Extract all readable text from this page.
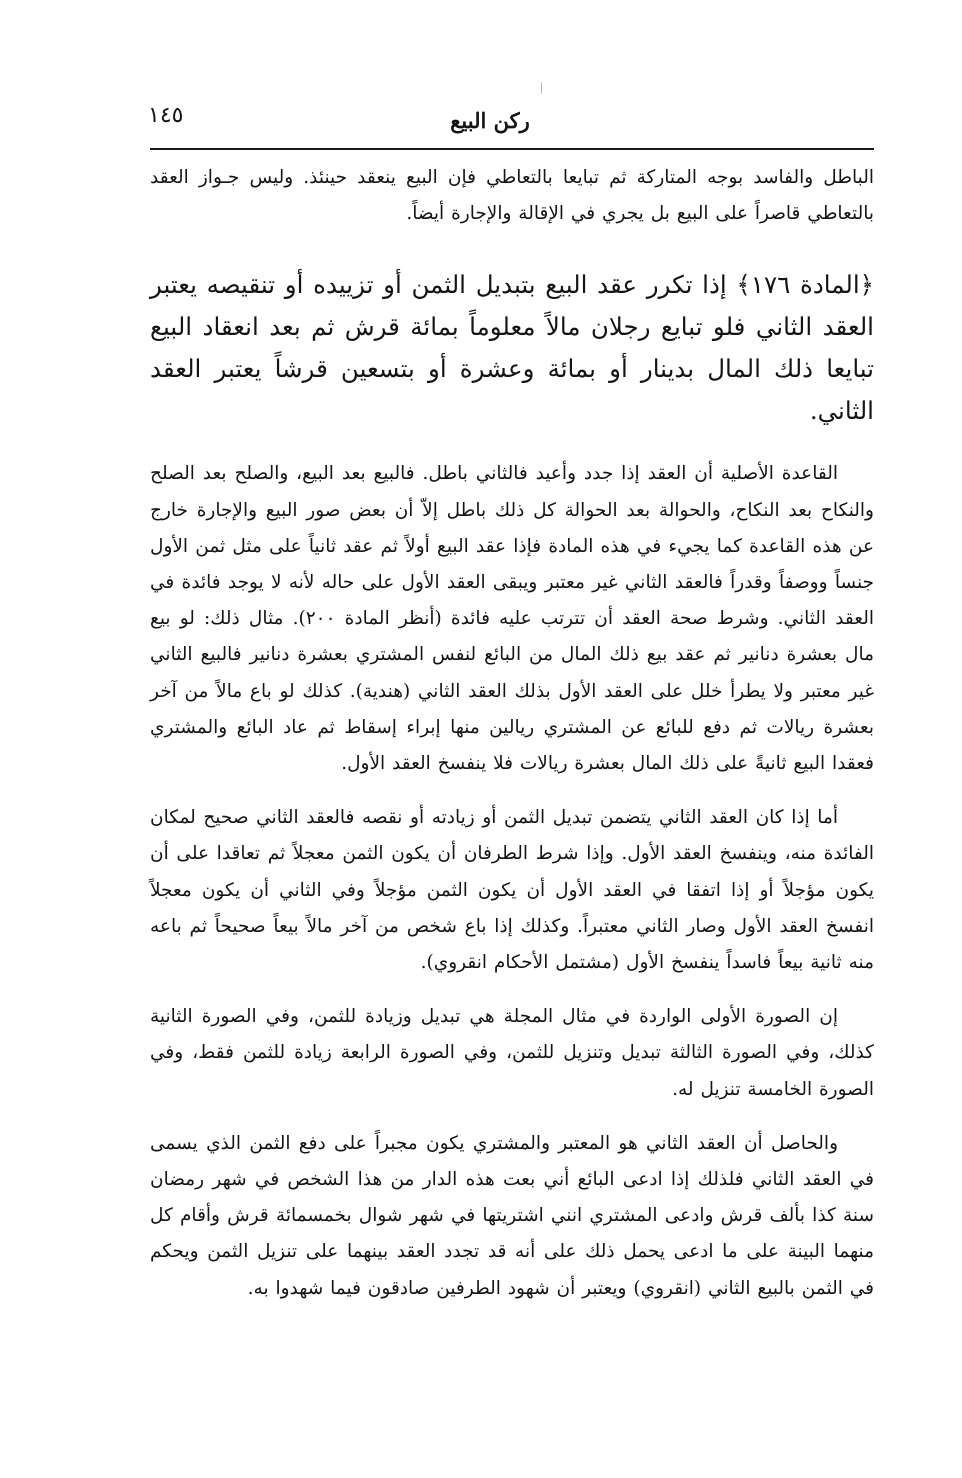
١٤٥	ركن البيع

الباطل والفاسد بوجه المتاركة ثم تبايعا بالتعاطي فإن البيع ينعقد حينئذ. وليس جـواز العقد بالتعاطي قاصراً على البيع بل يجري في الإقالة والإجارة أيضاً.

﴿المادة ١٧٦﴾ إذا تكرر عقد البيع بتبديل الثمن أو تزييده أو تنقيصه يعتبر العقد الثاني فلو تبايع رجلان مالاً معلوماً بمائة قرش ثم بعد انعقاد البيع تبايعا ذلك المال بدينار أو بمائة وعشرة أو بتسعين قرشاً يعتبر العقد الثاني.

القاعدة الأصلية أن العقد إذا جدد وأعيد فالثاني باطل. فالبيع بعد البيع، والصلح بعد الصلح والنكاح بعد النكاح، والحوالة بعد الحوالة كل ذلك باطل إلاّ أن بعض صور البيع والإجارة خارج عن هذه القاعدة كما يجيء في هذه المادة فإذا عقد البيع أولاً ثم عقد ثانياً على مثل ثمن الأول جنساً ووصفاً وقدراً فالعقد الثاني غير معتبر ويبقى العقد الأول على حاله لأنه لا يوجد فائدة في العقد الثاني. وشرط صحة العقد أن تترتب عليه فائدة (أنظر المادة ٢٠٠). مثال ذلك: لو بيع مال بعشرة دنانير ثم عقد بيع ذلك المال من البائع لنفس المشتري بعشرة دنانير فالبيع الثاني غير معتبر ولا يطرأ خلل على العقد الأول بذلك العقد الثاني (هندية). كذلك لو باع مالاً من آخر بعشرة ريالات ثم دفع للبائع عن المشتري ريالين منها إبراء إسقاط ثم عاد البائع والمشتري فعقدا البيع ثانيةً على ذلك المال بعشرة ريالات فلا ينفسخ العقد الأول.

أما إذا كان العقد الثاني يتضمن تبديل الثمن أو زيادته أو نقصه فالعقد الثاني صحيح لمكان الفائدة منه، وينفسخ العقد الأول. وإذا شرط الطرفان أن يكون الثمن معجلاً ثم تعاقدا على أن يكون مؤجلاً أو إذا اتفقا في العقد الأول أن يكون الثمن مؤجلاً وفي الثاني أن يكون معجلاً انفسخ العقد الأول وصار الثاني معتبراً. وكذلك إذا باع شخص من آخر مالاً بيعاً صحيحاً ثم باعه منه ثانية بيعاً فاسداً ينفسخ الأول (مشتمل الأحكام انقروي).

إن الصورة الأولى الواردة في مثال المجلة هي تبديل وزيادة للثمن، وفي الصورة الثانية كذلك، وفي الصورة الثالثة تبديل وتنزيل للثمن، وفي الصورة الرابعة زيادة للثمن فقط، وفي الصورة الخامسة تنزيل له.

والحاصل أن العقد الثاني هو المعتبر والمشتري يكون مجبراً على دفع الثمن الذي يسمى في العقد الثاني فلذلك إذا ادعى البائع أني بعت هذه الدار من هذا الشخص في شهر رمضان سنة كذا بألف قرش وادعى المشتري انني اشتريتها في شهر شوال بخمسمائة قرش وأقام كل منهما البينة على ما ادعى يحمل ذلك على أنه قد تجدد العقد بينهما على تنزيل الثمن ويحكم في الثمن بالبيع الثاني (انقروي) ويعتبر أن شهود الطرفين صادقون فيما شهدوا به.
